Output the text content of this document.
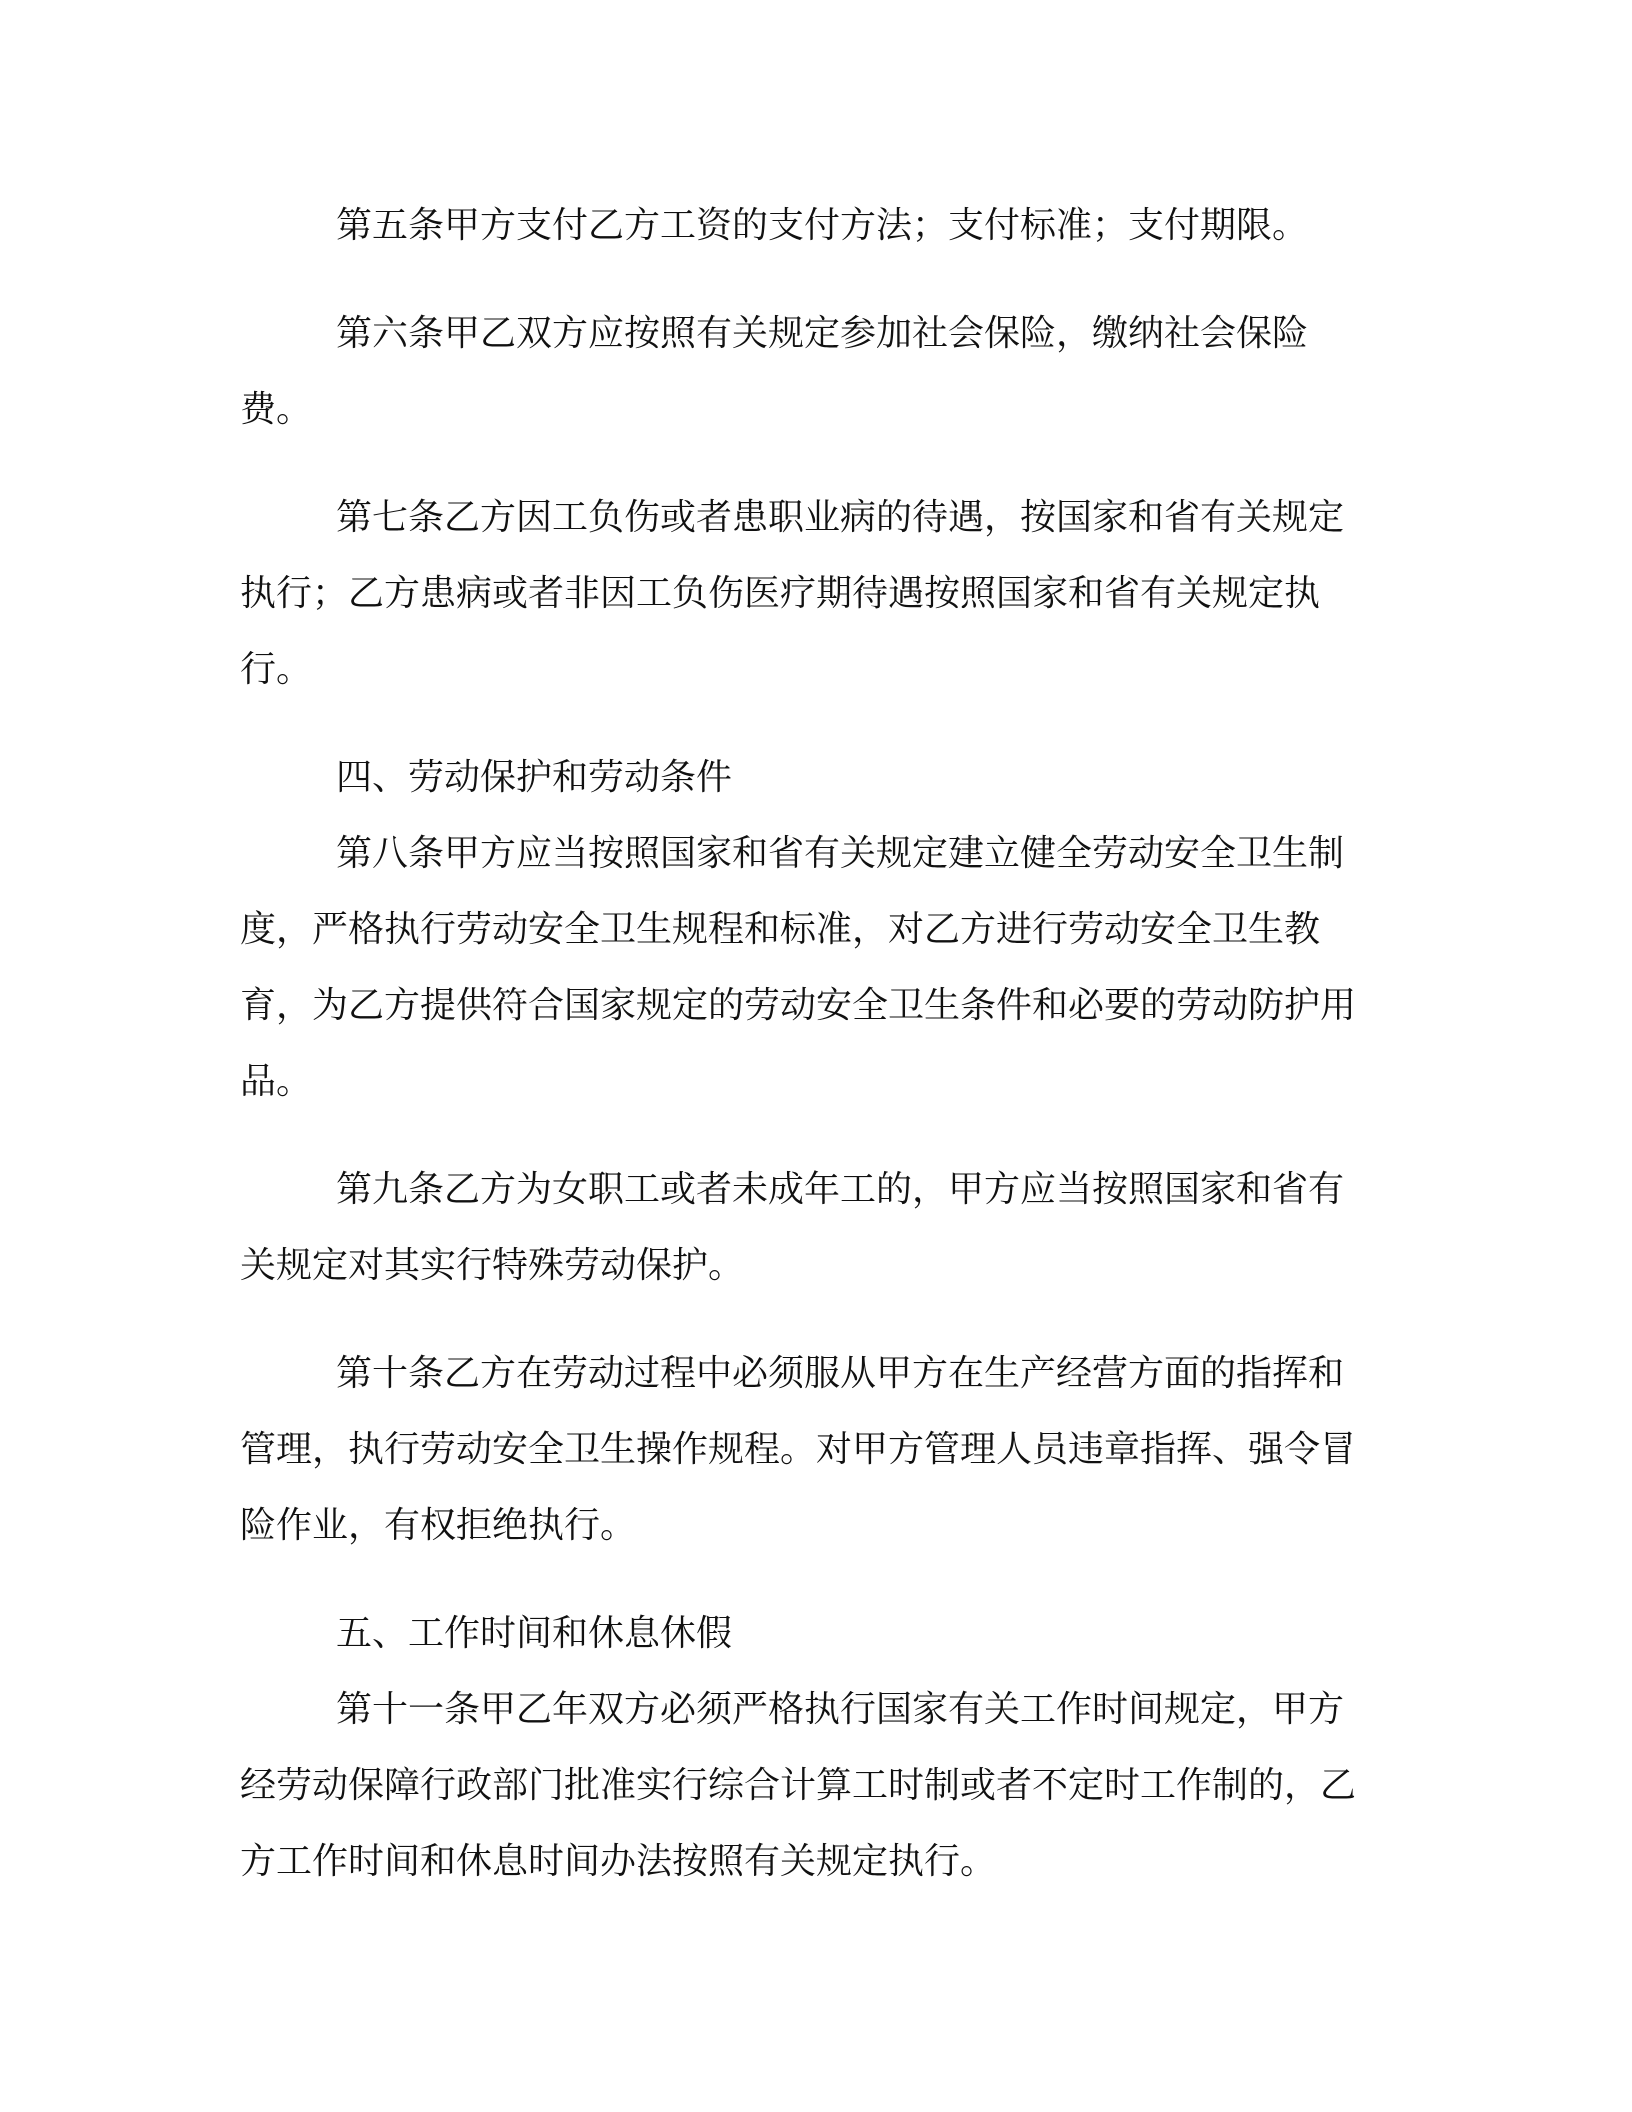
第五条甲方支付乙方工资的支付方法；支付标准；支付期限。

第六条甲乙双方应按照有关规定参加社会保险，缴纳社会保险费。

第七条乙方因工负伤或者患职业病的待遇，按国家和省有关规定执行；乙方患病或者非因工负伤医疗期待遇按照国家和省有关规定执行。

四、劳动保护和劳动条件

第八条甲方应当按照国家和省有关规定建立健全劳动安全卫生制度，严格执行劳动安全卫生规程和标准，对乙方进行劳动安全卫生教育，为乙方提供符合国家规定的劳动安全卫生条件和必要的劳动防护用品。

第九条乙方为女职工或者未成年工的，甲方应当按照国家和省有关规定对其实行特殊劳动保护。

第十条乙方在劳动过程中必须服从甲方在生产经营方面的指挥和管理，执行劳动安全卫生操作规程。对甲方管理人员违章指挥、强令冒险作业，有权拒绝执行。

五、工作时间和休息休假

第十一条甲乙年双方必须严格执行国家有关工作时间规定，甲方经劳动保障行政部门批准实行综合计算工时制或者不定时工作制的，乙方工作时间和休息时间办法按照有关规定执行。
